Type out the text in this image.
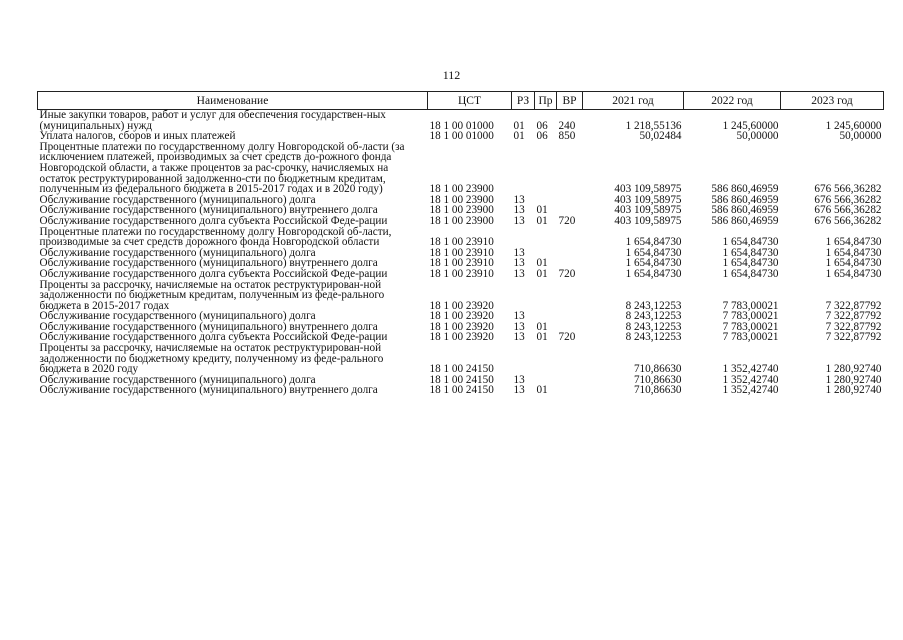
112
Наименование	ЦСТ	РЗ	Пр	ВР	2021 год	2022 год	2023 год
Иные закупки товаров, работ и услуг для обеспечения государствен-ных (муниципальных) нужд	18 1 00 01000	01	06	240	1 218,55136	1 245,60000	1 245,60000
Уплата налогов, сборов и иных платежей	18 1 00 01000	01	06	850	50,02484	50,00000	50,00000
Процентные платежи по государственному долгу Новгородской об-ласти (за исключением платежей, производимых за счет средств до-рожного фонда Новгородской области, а также процентов за рас-срочку, начисляемых на остаток реструктурированной задолженно-сти по бюджетным кредитам, полученным из федерального бюджета в 2015-2017 годах и в 2020 году)	18 1 00 23900				403 109,58975	586 860,46959	676 566,36282
Обслуживание государственного (муниципального) долга	18 1 00 23900	13			403 109,58975	586 860,46959	676 566,36282
Обслуживание государственного (муниципального) внутреннего долга	18 1 00 23900	13	01		403 109,58975	586 860,46959	676 566,36282
Обслуживание государственного долга субъекта Российской Феде-рации	18 1 00 23900	13	01	720	403 109,58975	586 860,46959	676 566,36282
Процентные платежи по государственному долгу Новгородской об-ласти, производимые за счет средств дорожного фонда Новгородской области	18 1 00 23910				1 654,84730	1 654,84730	1 654,84730
Обслуживание государственного (муниципального) долга	18 1 00 23910	13			1 654,84730	1 654,84730	1 654,84730
Обслуживание государственного (муниципального) внутреннего долга	18 1 00 23910	13	01		1 654,84730	1 654,84730	1 654,84730
Обслуживание государственного долга субъекта Российской Феде-рации	18 1 00 23910	13	01	720	1 654,84730	1 654,84730	1 654,84730
Проценты за рассрочку, начисляемые на остаток реструктурирован-ной задолженности по бюджетным кредитам, полученным из феде-рального бюджета в 2015-2017 годах	18 1 00 23920				8 243,12253	7 783,00021	7 322,87792
Обслуживание государственного (муниципального) долга	18 1 00 23920	13			8 243,12253	7 783,00021	7 322,87792
Обслуживание государственного (муниципального) внутреннего долга	18 1 00 23920	13	01		8 243,12253	7 783,00021	7 322,87792
Обслуживание государственного долга субъекта Российской Феде-рации	18 1 00 23920	13	01	720	8 243,12253	7 783,00021	7 322,87792
Проценты за рассрочку, начисляемые на остаток реструктурирован-ной задолженности по бюджетному кредиту, полученному из феде-рального бюджета в 2020 году	18 1 00 24150				710,86630	1 352,42740	1 280,92740
Обслуживание государственного (муниципального) долга	18 1 00 24150	13			710,86630	1 352,42740	1 280,92740
Обслуживание государственного (муниципального) внутреннего долга	18 1 00 24150	13	01		710,86630	1 352,42740	1 280,92740
